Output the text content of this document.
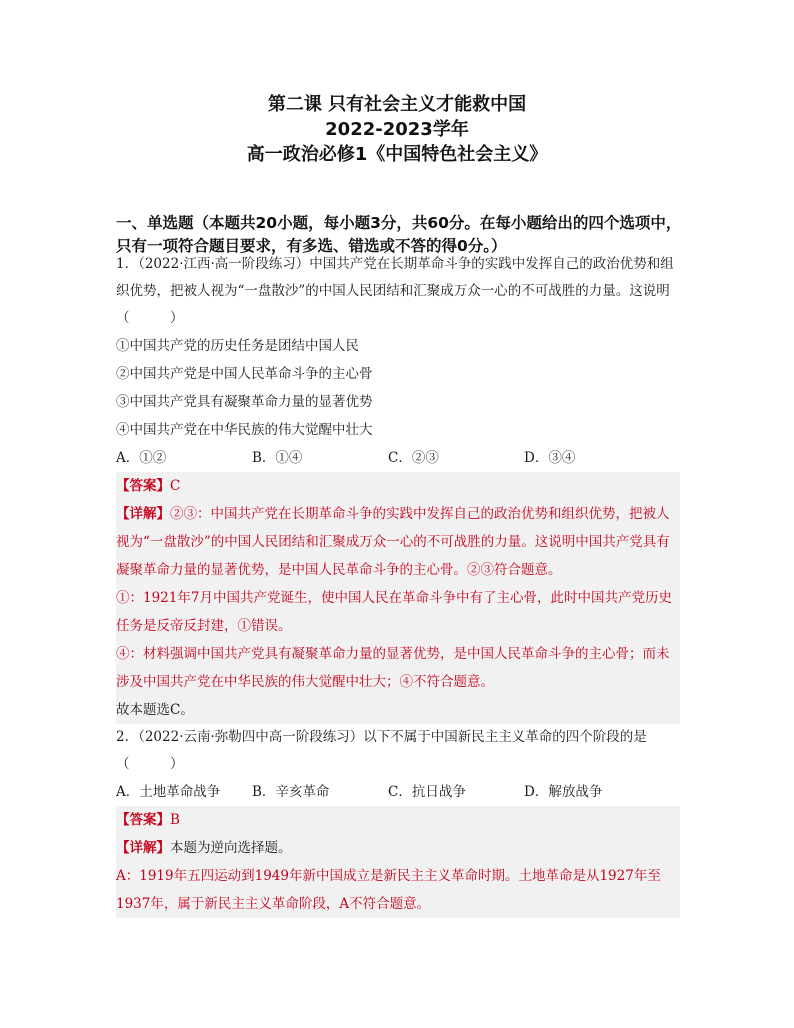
第二课 只有社会主义才能救中国
2022-2023学年
高一政治必修1《中国特色社会主义》
一、单选题（本题共20小题，每小题3分，共60分。在每小题给出的四个选项中，只有一项符合题目要求，有多选、错选或不答的得0分。）
1．（2022·江西·高一阶段练习）中国共产党在长期革命斗争的实践中发挥自己的政治优势和组织优势，把被人视为“一盘散沙”的中国人民团结和汇聚成万众一心的不可战胜的力量。这说明（　　　）
①中国共产党的历史任务是团结中国人民
②中国共产党是中国人民革命斗争的主心骨
③中国共产党具有凝聚革命力量的显著优势
④中国共产党在中华民族的伟大觉醒中壮大
A．①②	B．①④	C．②③	D．③④
【答案】C

【详解】②③：中国共产党在长期革命斗争的实践中发挥自己的政治优势和组织优势，把被人视为“一盘散沙”的中国人民团结和汇聚成万众一心的不可战胜的力量。这说明中国共产党具有凝聚革命力量的显著优势，是中国人民革命斗争的主心骨。②③符合题意。

①：1921年7月中国共产党诞生，使中国人民在革命斗争中有了主心骨，此时中国共产党历史任务是反帝反封建，①错误。

④：材料强调中国共产党具有凝聚革命力量的显著优势，是中国人民革命斗争的主心骨；而未涉及中国共产党在中华民族的伟大觉醒中壮大；④不符合题意。

故本题选C。

2．（2022·云南·弥勒四中高一阶段练习）以下不属于中国新民主主义革命的四个阶段的是（　　　）
A．土地革命战争	B．辛亥革命	C．抗日战争	D．解放战争
【答案】B

【详解】本题为逆向选择题。

A：1919年五四运动到1949年新中国成立是新民主主义革命时期。土地革命是从1927年至1937年，属于新民主主义革命阶段，A不符合题意。
